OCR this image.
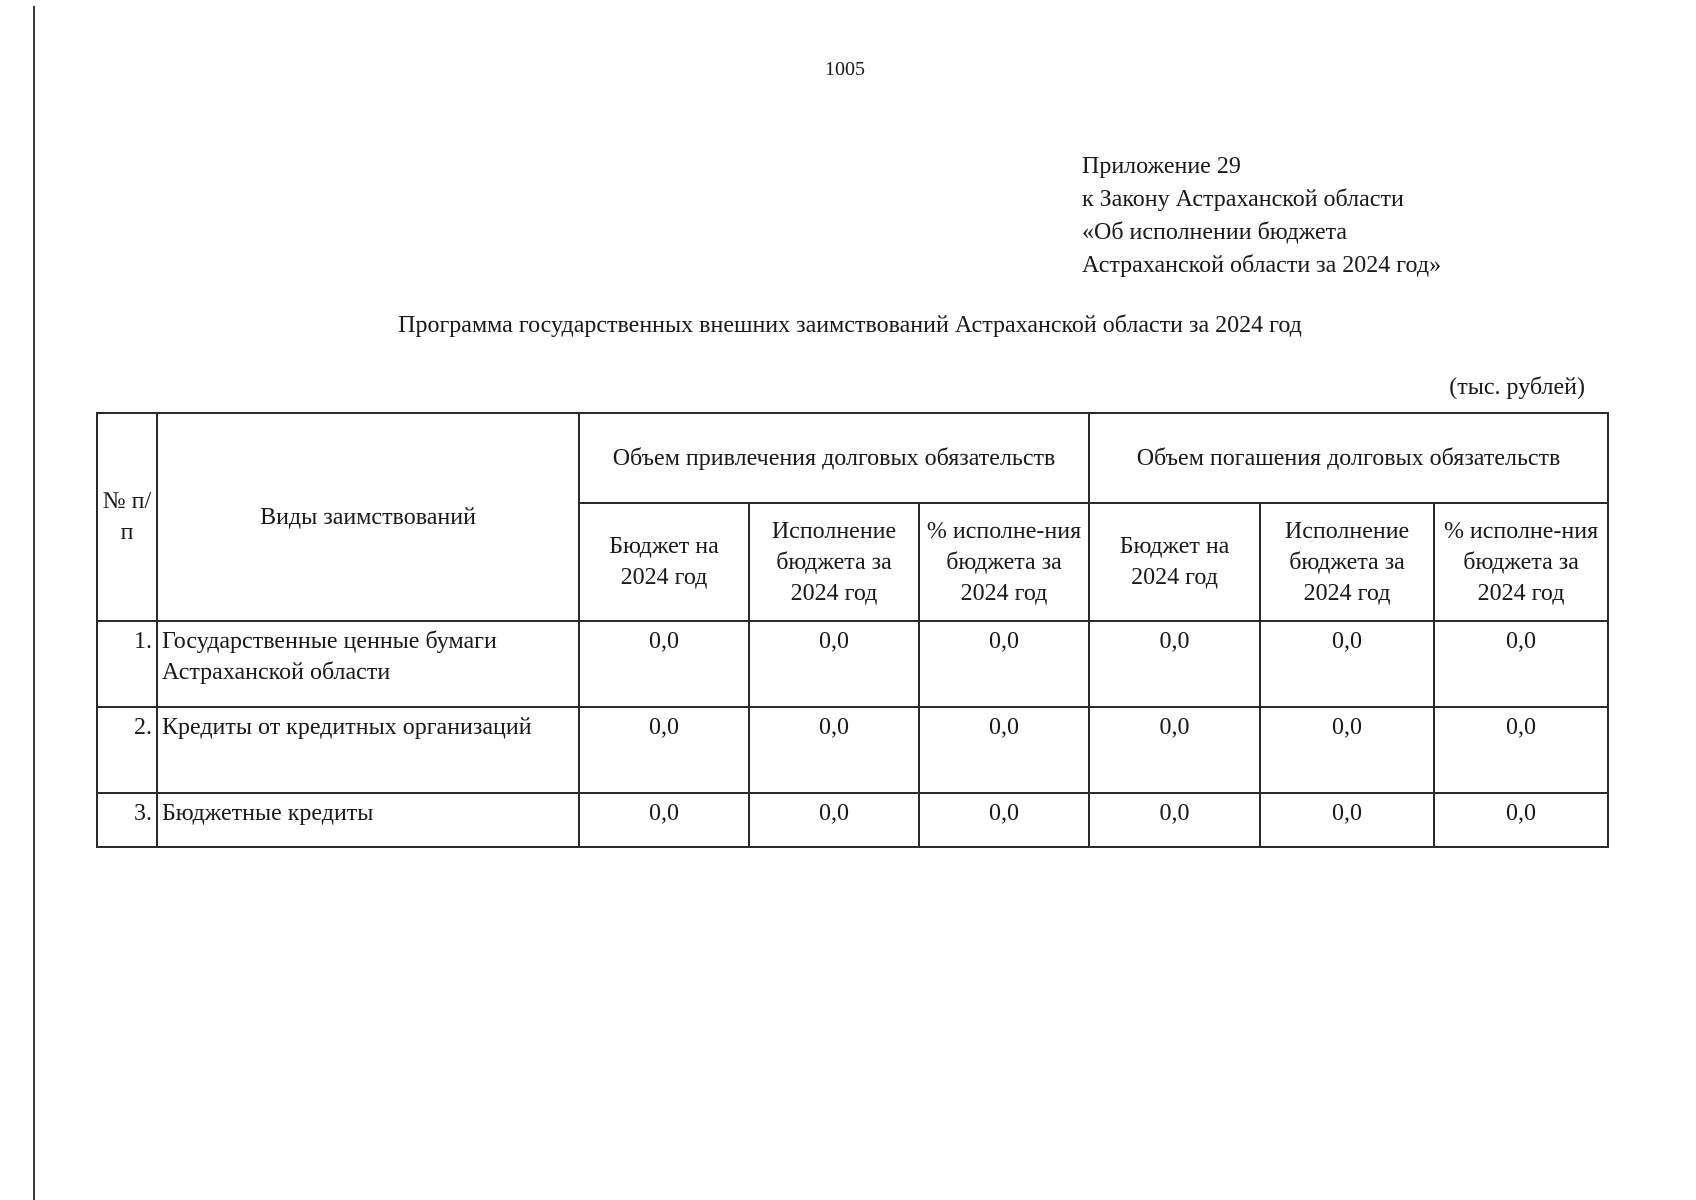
1005
Приложение 29
к Закону Астраханской области
«Об исполнении бюджета
Астраханской области за 2024 год»
Программа государственных внешних заимствований Астраханской области за 2024 год
(тыс. рублей)
№ п/п	Виды заимствований	Объем привлечения долговых обязательств			Объем погашения долговых обязательств		
		Бюджет на 2024 год	Исполнение бюджета за 2024 год	% исполне-ния бюджета за 2024 год	Бюджет на 2024 год	Исполнение бюджета за 2024 год	% исполне-ния бюджета за 2024 год
1.	Государственные ценные бумаги Астраханской области	0,0	0,0	0,0	0,0	0,0	0,0
2.	Кредиты от кредитных организаций	0,0	0,0	0,0	0,0	0,0	0,0
3.	Бюджетные кредиты	0,0	0,0	0,0	0,0	0,0	0,0
